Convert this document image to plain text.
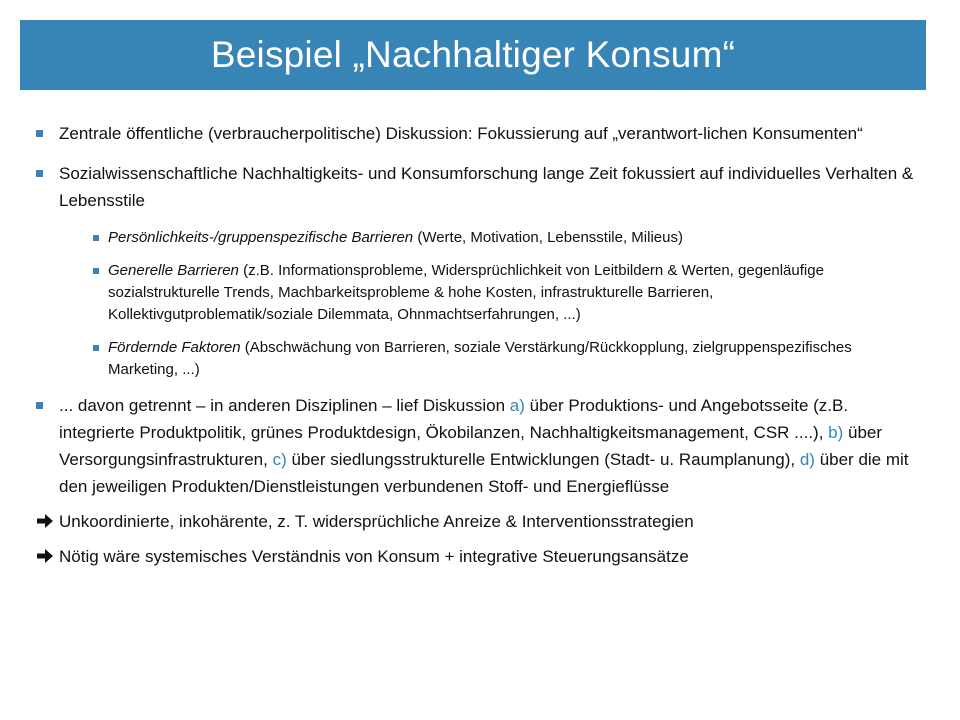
Beispiel „Nachhaltiger Konsum“
Zentrale öffentliche (verbraucherpolitische) Diskussion: Fokussierung auf „verantwort-lichen Konsumenten“
Sozialwissenschaftliche Nachhaltigkeits- und Konsumforschung lange Zeit fokussiert auf individuelles Verhalten & Lebensstile
Persönlichkeits-/gruppenspezifische Barrieren (Werte, Motivation, Lebensstile, Milieus)
Generelle Barrieren (z.B. Informationsprobleme, Widersprüchlichkeit von Leitbildern & Werten, gegenläufige sozialstrukturelle Trends, Machbarkeitsprobleme & hohe Kosten, infrastrukturelle Barrieren, Kollektivgutproblematik/soziale Dilemmata, Ohnmachtserfahrungen, ...)
Fördernde Faktoren (Abschwächung von Barrieren, soziale Verstärkung/Rückkopplung, zielgruppenspezifisches Marketing, ...)
... davon getrennt – in anderen Disziplinen – lief Diskussion a) über Produktions- und Angebotsseite (z.B. integrierte Produktpolitik, grünes Produktdesign, Ökobilanzen, Nachhaltigkeitsmanagement, CSR ....), b) über Versorgungsinfrastrukturen, c) über siedlungsstrukturelle Entwicklungen (Stadt- u. Raumplanung), d) über die mit den jeweiligen Produkten/Dienstleistungen verbundenen Stoff- und Energieflüsse
Unkoordinierte, inkohärente, z. T. widersprüchliche Anreize & Interventionsstrategien
Nötig wäre systemisches Verständnis von Konsum + integrative Steuerungsansätze
